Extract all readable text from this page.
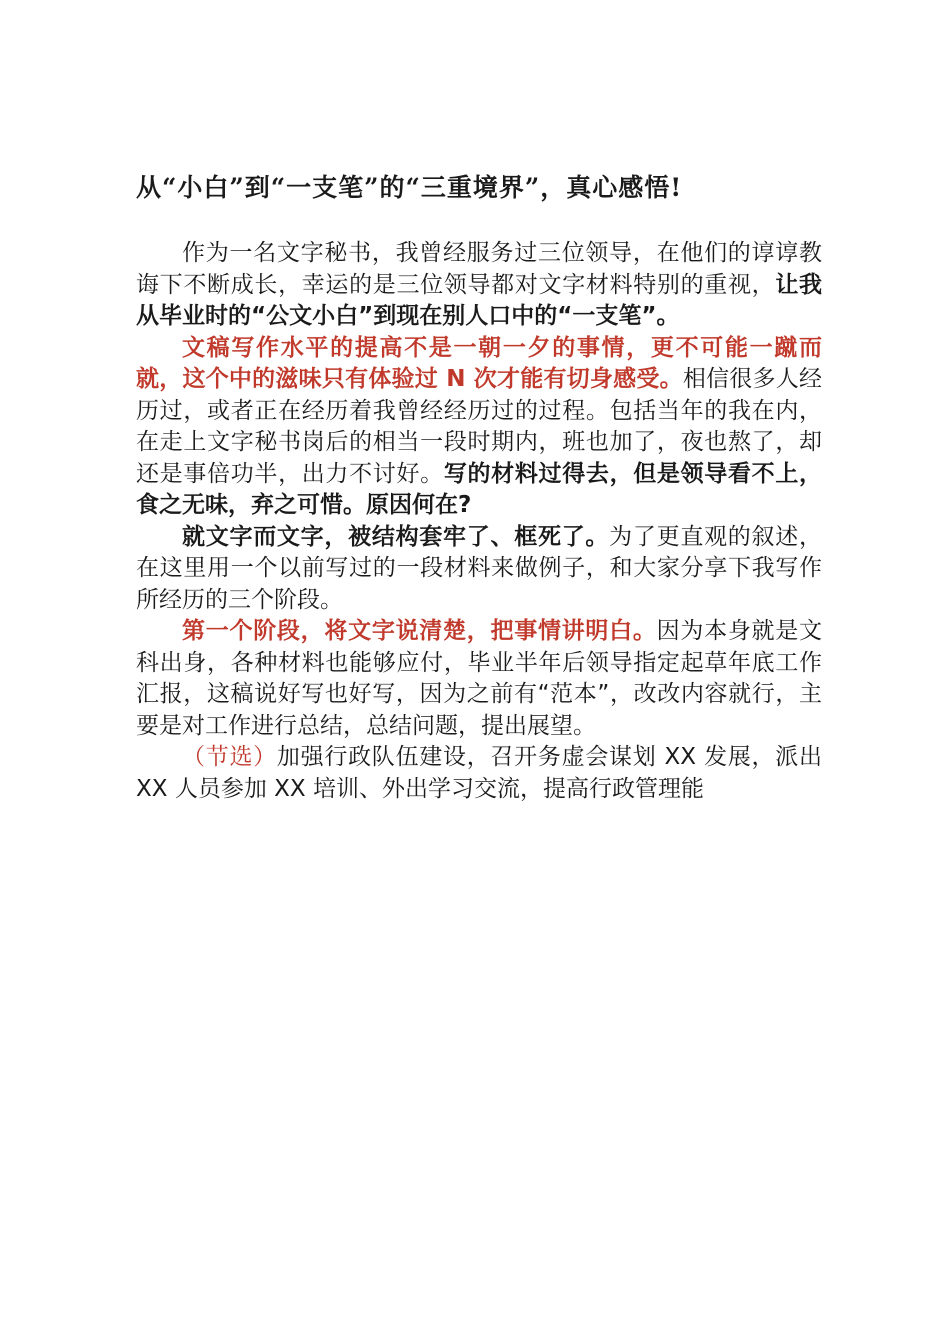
从“小白”到“一支笔”的“三重境界”，真心感悟!

作为一名文字秘书，我曾经服务过三位领导，在他们的谆谆教诲下不断成长，幸运的是三位领导都对文字材料特别的重视，让我从毕业时的“公文小白”到现在别人口中的“一支笔”。

文稿写作水平的提高不是一朝一夕的事情，更不可能一蹴而就，这个中的滋味只有体验过 N 次才能有切身感受。相信很多人经历过，或者正在经历着我曾经经历过的过程。包括当年的我在内，在走上文字秘书岗后的相当一段时期内，班也加了，夜也熬了，却还是事倍功半，出力不讨好。写的材料过得去，但是领导看不上，食之无味，弃之可惜。原因何在?

就文字而文字，被结构套牢了、框死了。为了更直观的叙述，在这里用一个以前写过的一段材料来做例子，和大家分享下我写作所经历的三个阶段。

第一个阶段，将文字说清楚，把事情讲明白。因为本身就是文科出身，各种材料也能够应付，毕业半年后领导指定起草年底工作汇报，这稿说好写也好写，因为之前有“范本”，改改内容就行，主要是对工作进行总结，总结问题，提出展望。

（节选）加强行政队伍建设，召开务虚会谋划 XX 发展，派出 XX 人员参加 XX 培训、外出学习交流，提高行政管理能
